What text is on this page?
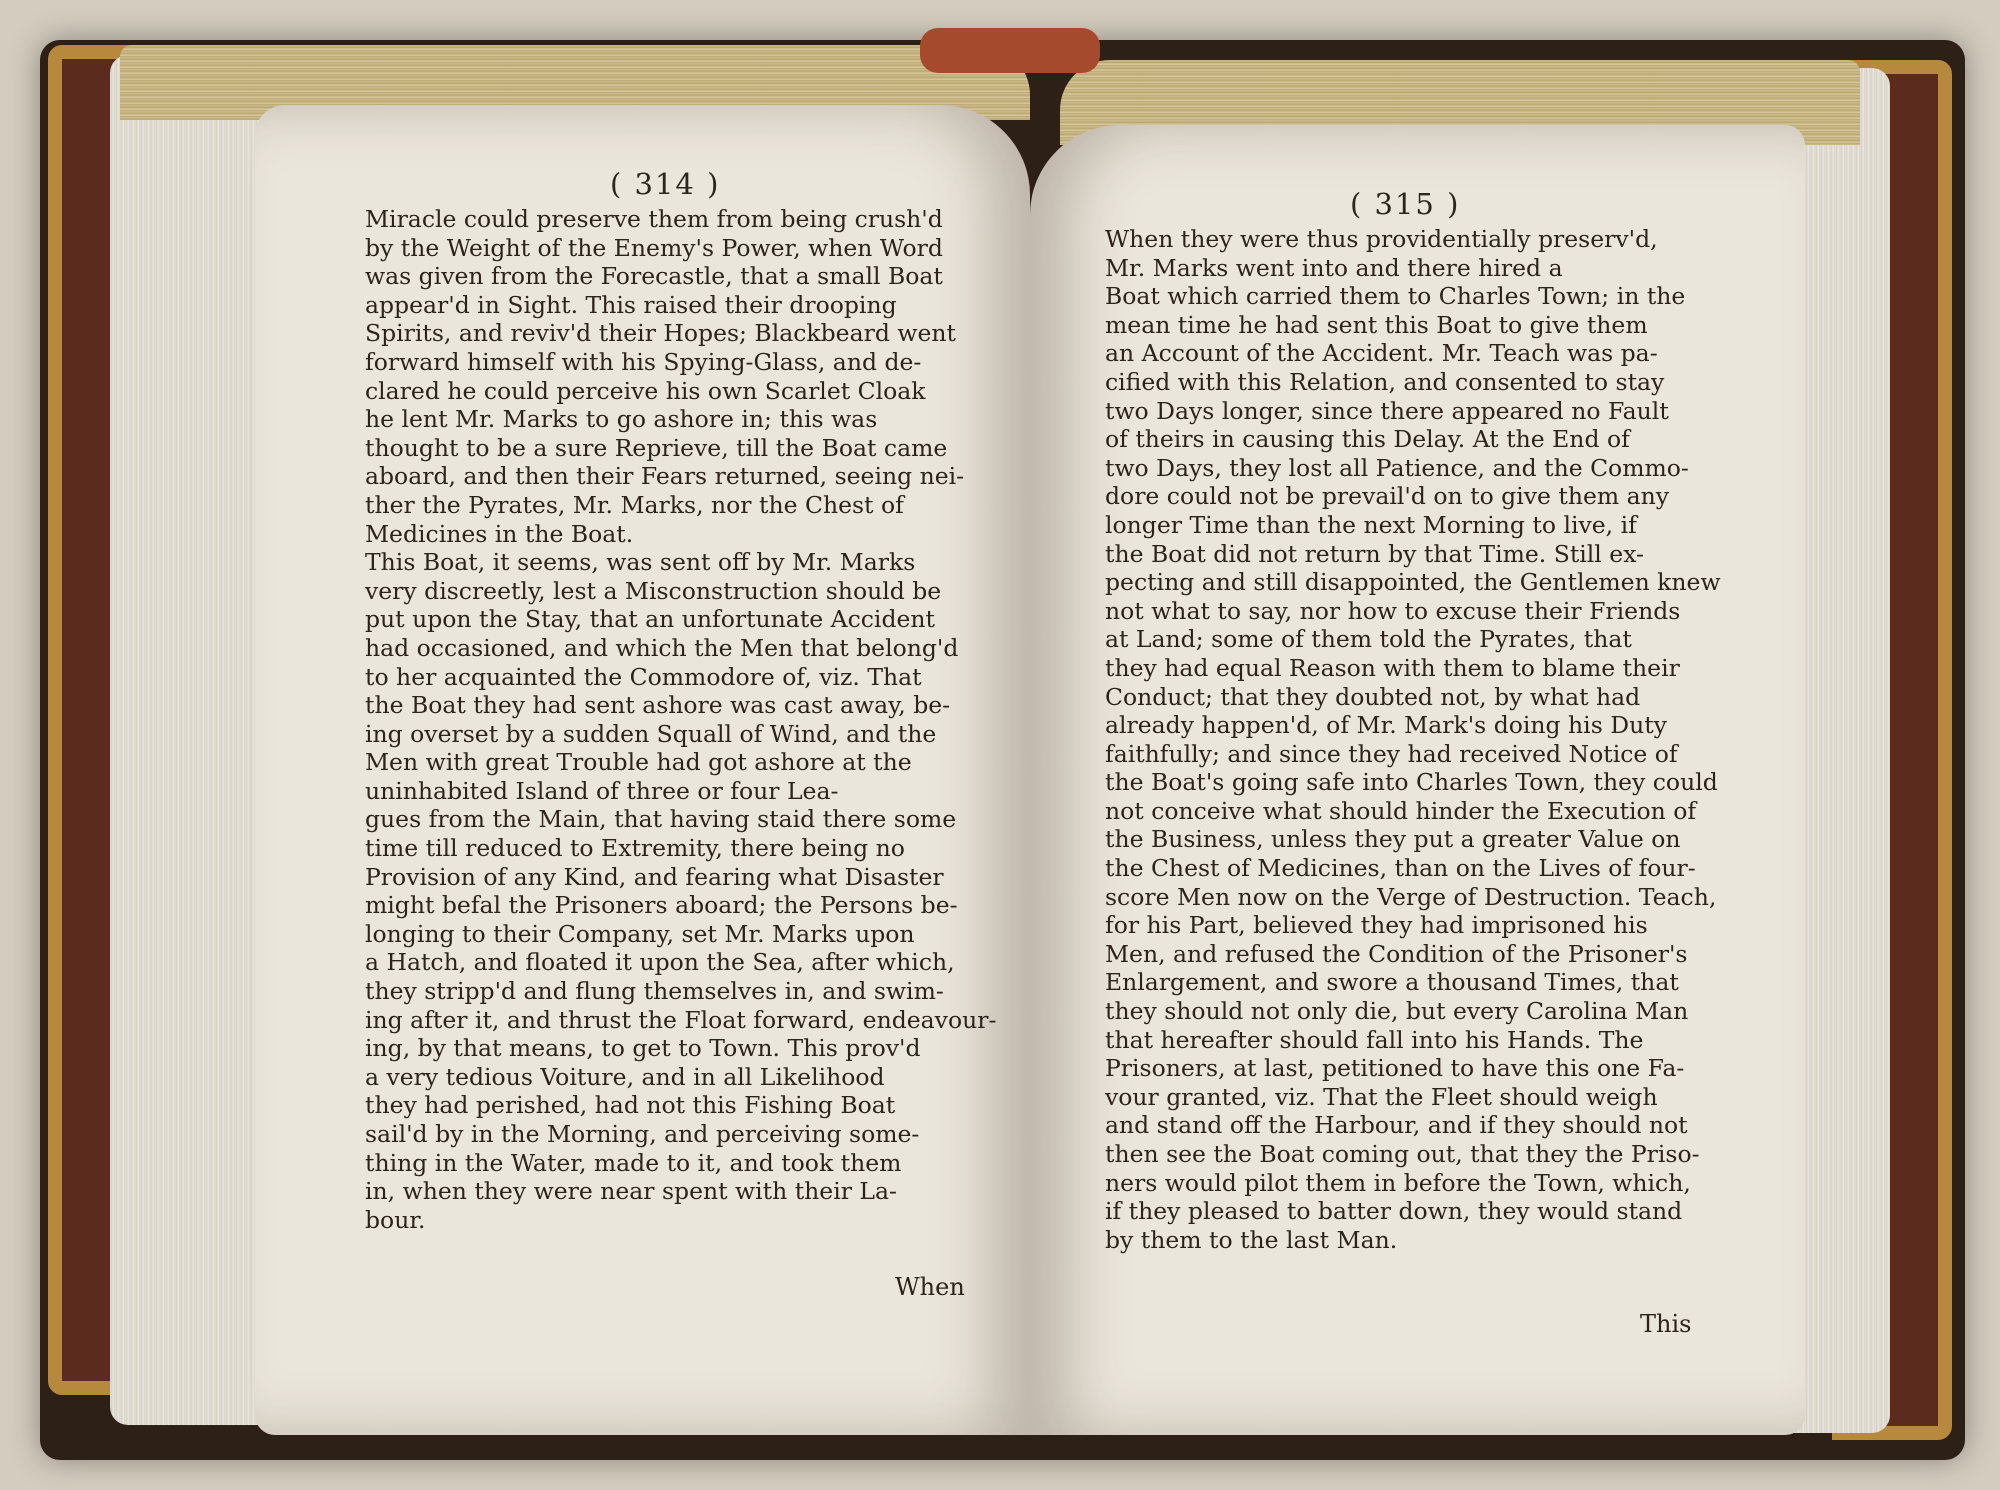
( 314 )
Miracle could preserve them from being crush'd
by the Weight of the Enemy's Power, when Word
was given from the Forecastle, that a small Boat
appear'd in Sight. This raised their drooping
Spirits, and reviv'd their Hopes; Blackbeard went
forward himself with his Spying-Glass, and de-
clared he could perceive his own Scarlet Cloak
he lent Mr. Marks to go ashore in; this was
thought to be a sure Reprieve, till the Boat came
aboard, and then their Fears returned, seeing nei-
ther the Pyrates, Mr. Marks, nor the Chest of
Medicines in the Boat.
This Boat, it seems, was sent off by Mr. Marks
very discreetly, lest a Misconstruction should be
put upon the Stay, that an unfortunate Accident
had occasioned, and which the Men that belong'd
to her acquainted the Commodore of, viz. That
the Boat they had sent ashore was cast away, be-
ing overset by a sudden Squall of Wind, and the
Men with great Trouble had got ashore at the
uninhabited Island of three or four Lea-
gues from the Main, that having staid there some
time till reduced to Extremity, there being no
Provision of any Kind, and fearing what Disaster
might befal the Prisoners aboard; the Persons be-
longing to their Company, set Mr. Marks upon
a Hatch, and floated it upon the Sea, after which,
they stripp'd and flung themselves in, and swim-
ing after it, and thrust the Float forward, endeavour-
ing, by that means, to get to Town. This prov'd
a very tedious Voiture, and in all Likelihood
they had perished, had not this Fishing Boat
sail'd by in the Morning, and perceiving some-
thing in the Water, made to it, and took them
in, when they were near spent with their La-
bour.
When
( 315 )
When they were thus providentially preserv'd,
Mr. Marks went into and there hired a
Boat which carried them to Charles Town; in the
mean time he had sent this Boat to give them
an Account of the Accident. Mr. Teach was pa-
cified with this Relation, and consented to stay
two Days longer, since there appeared no Fault
of theirs in causing this Delay. At the End of
two Days, they lost all Patience, and the Commo-
dore could not be prevail'd on to give them any
longer Time than the next Morning to live, if
the Boat did not return by that Time. Still ex-
pecting and still disappointed, the Gentlemen knew
not what to say, nor how to excuse their Friends
at Land; some of them told the Pyrates, that
they had equal Reason with them to blame their
Conduct; that they doubted not, by what had
already happen'd, of Mr. Mark's doing his Duty
faithfully; and since they had received Notice of
the Boat's going safe into Charles Town, they could
not conceive what should hinder the Execution of
the Business, unless they put a greater Value on
the Chest of Medicines, than on the Lives of four-
score Men now on the Verge of Destruction. Teach,
for his Part, believed they had imprisoned his
Men, and refused the Condition of the Prisoner's
Enlargement, and swore a thousand Times, that
they should not only die, but every Carolina Man
that hereafter should fall into his Hands. The
Prisoners, at last, petitioned to have this one Fa-
vour granted, viz. That the Fleet should weigh
and stand off the Harbour, and if they should not
then see the Boat coming out, that they the Priso-
ners would pilot them in before the Town, which,
if they pleased to batter down, they would stand
by them to the last Man.
This
